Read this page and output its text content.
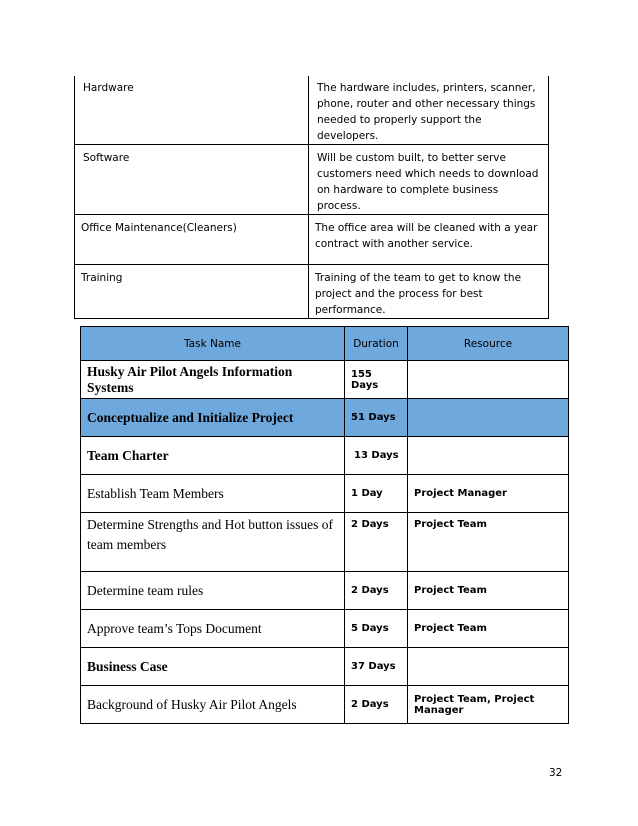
Hardware	The hardware includes, printers, scanner, phone, router and other necessary things needed to properly support the developers.
Software	Will be custom built, to better serve customers need which needs to download on hardware to complete business process.
Office Maintenance(Cleaners)	The office area will be cleaned with a year contract with another service.
Training	Training of the team to get to know the project and the process for best performance.
Task Name	Duration	Resource
Husky Air Pilot Angels Information Systems	155 Days	
Conceptualize and Initialize Project	51 Days	
Team Charter	13 Days	
Establish Team Members	1 Day	Project Manager
Determine Strengths and Hot button issues of team members	2 Days	Project Team
Determine team rules	2 Days	Project Team
Approve team’s Tops Document	5 Days	Project Team
Business Case	37 Days	
Background of Husky Air Pilot Angels	2 Days	Project Team, Project Manager
32
